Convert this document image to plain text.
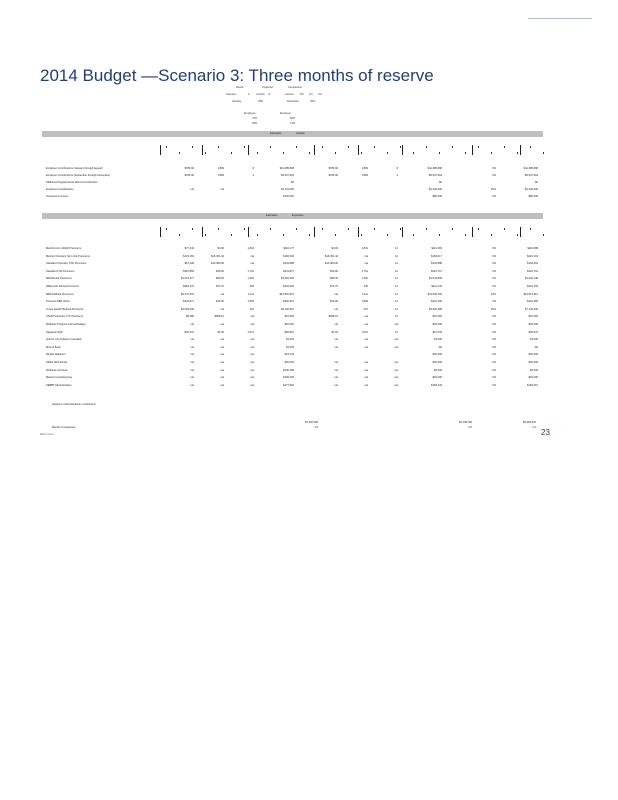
2014 Budget —Scenario 3: Three months of reserve
Result	Projected	Comparison
Scenario	3	months of	reserve 5% 1% 4%
January	25%	December	25%
Employee	Employer
75%	80%
65%	74%
Estimates	Actuals
Employer Contributions (January through August)	$783.00	1,883	8	$11,385,808	$783.00	1,883	8	$11,385,808	0%	$11,385,808
Employer Contributions (September through December)	$783.00	1,883	4	$5,607,904	$783.00	1,883	4	$5,607,904	0%	$5,607,904
Additional Supplemental District Contribution	$0	$0	$0
Employee Contributions	n/a	n/a	$2,131,680	$2,330,000	10%	$2,330,000
Investment Income	$100,000	$80,000	0%	$80,000
Estimates	Expenses
MetLife Life / AD&D Premiums	$77,440	$0.00	1,841	$116,177	$0.00	1,841	12	$116,183	0%	$116,688
MetLife Voluntary Term Life Premiums	$133,181	$16,361.42	n/a	$160,000	$16,361.42	n/a	12	$159,017	0%	$222,104
Standard Voluntary STD Premiums	$67,428	$10,480.00	n/a	$145,888	$10,480.00	n/a	12	$145,888	0%	$154,264
Standard LTD Premiums	$387,883	$30.00	1,791	$431,817	$30.00	1,791	12	$431,767	0%	$444,791
MDSDental Premiums	$1,010,377	$68.40	1,481	$1,081,466	$68.40	1,481	12	$1,044,805	0%	$1,022,148
Willamette Dental Premiums	$383,173	$74.70	435	$404,300	$74.70	435	12	$411,142	0%	$431,703
MBA Medical Premiums	$9,137,601	n/a	1,111	$10,830,907	n/a	1,111	12	$11,000,193	10%	$10,873,313
Premera MBA Vision	$332,871	$16.30	1,583	$350,367	$16.30	1,583	12	$401,300	0%	$401,383
Group Health Medical Premiums	$4,083,330	n/a	337	$5,100,510	n/a	337	12	$6,025,388	10%	$7,178,300
UNUM Voluntary LTC Premiums	$8,380	$838.10	n/a	$10,084	$838.10	n/a	12	$10,084	0%	$10,084
Wellness Program Internal Budget	n/a	n/a	n/a	$40,000	n/a	n/a	n/a	$32,000	0%	$32,000
Nagelson EAP	$32,031	$1.60	1,513	$36,867	$1.62	1,513	12	$37,678	0%	$35,670
Quit for Life Tobacco Cessation	n/a	n/a	n/a	$1,000	n/a	n/a	n/a	$1,000	0%	$1,000
Mind & Body	n/a	n/a	n/a	$1,678	n/a	n/a	n/a	$0	0%	$0
Weight Watchers	n/a	n/a	n/a	$43,133	$30,000	0%	$30,000
HRAS Web Portal	n/a	n/a	n/a	$30,000	n/a	n/a	n/a	$30,000	0%	$30,000
Wellness Incentive	n/a	n/a	n/a	$100,180	n/a	n/a	n/a	$0,000	0%	$0,000
Manas Consulting Fee	n/a	n/a	n/a	$100,000	n/a	n/a	n/a	$32,000	0%	$32,000
SEBBT Administration	n/a	n/a	n/a	$177,600	n/a	n/a	n/a	$183,143	0%	$183,667
(based on administrative+ enrollment)
$7,600,086	$6,148,780	$5,483,316
Months of expenses	4.0	3.0	4.4
Main Cam	23
